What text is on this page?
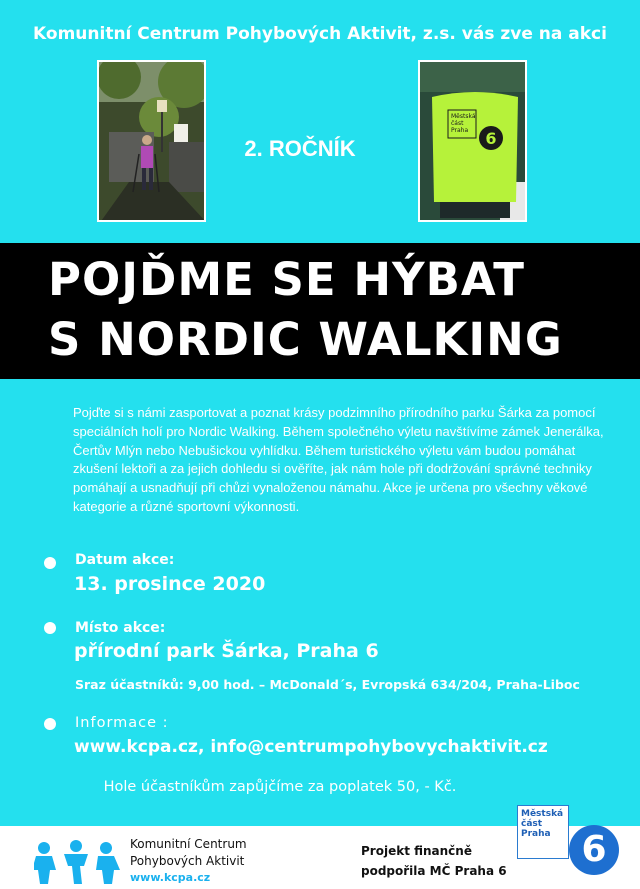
Komunitní Centrum Pohybových Aktivit, z.s. vás zve na akci
2. ROČNÍK
Městská
část
Praha 6
POJĎME SE HÝBAT
S NORDIC WALKING
Pojďte si s námi zasportovat a poznat krásy podzimního přírodního parku Šárka za pomocí speciálních holí pro Nordic Walking. Během společného výletu navštívíme zámek Jenerálka, Čertův Mlýn nebo Nebušickou vyhlídku. Během turistického výletu vám budou pomáhat zkušení lektoři a za jejich dohledu si ověříte, jak nám hole při dodržování správné techniky pomáhají a usnadňují při chůzi vynaloženou námahu. Akce je určena pro všechny věkové kategorie a různé sportovní výkonnosti.
Datum akce:
13. prosince 2020
Místo akce:
přírodní park Šárka, Praha 6
Sraz účastníků: 9,00 hod. – McDonald´s, Evropská 634/204, Praha-Liboc
Informace :
www.kcpa.cz, info@centrumpohybovychaktivit.cz
Hole účastníkům zapůjčíme za poplatek 50, - Kč.
Komunitní Centrum
Pohybových Aktivit
www.kcpa.cz
Projekt finančně
podpořila MČ Praha 6
Městská
část
Praha 6
